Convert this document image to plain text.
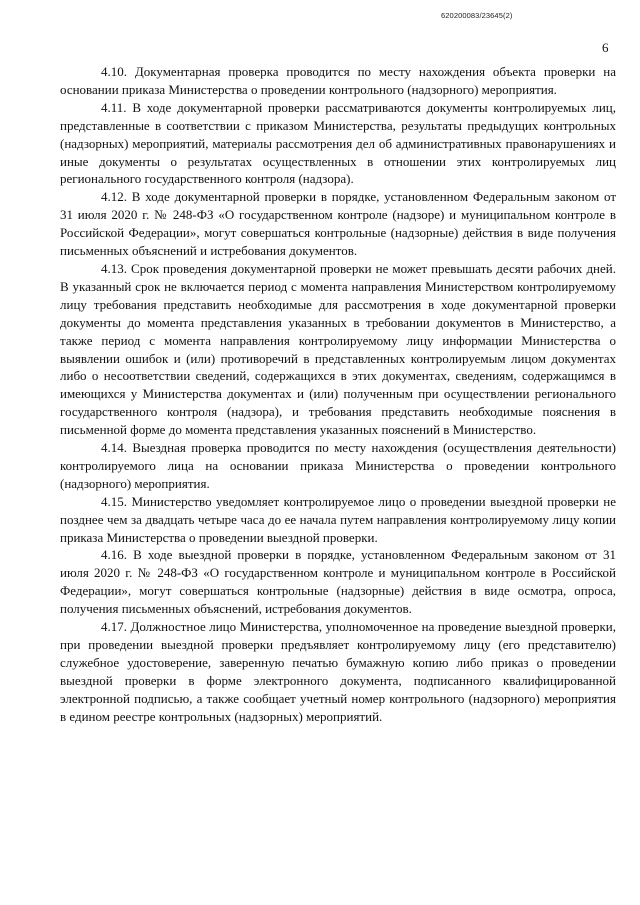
620200083/23645(2)
6

4.10. Документарная проверка проводится по месту нахождения объекта проверки на основании приказа Министерства о проведении контрольного (надзорного) мероприятия.

4.11. В ходе документарной проверки рассматриваются документы контролируемых лиц, представленные в соответствии с приказом Министерства, результаты предыдущих контрольных (надзорных) мероприятий, материалы рассмотрения дел об административных правонарушениях и иные документы о результатах осуществленных в отношении этих контролируемых лиц регионального государственного контроля (надзора).

4.12. В ходе документарной проверки в порядке, установленном Федеральным законом от 31 июля 2020 г. № 248-ФЗ «О государственном контроле (надзоре) и муниципальном контроле в Российской Федерации», могут совершаться контрольные (надзорные) действия в виде получения письменных объяснений и истребования документов.

4.13. Срок проведения документарной проверки не может превышать десяти рабочих дней. В указанный срок не включается период с момента направления Министерством контролируемому лицу требования представить необходимые для рассмотрения в ходе документарной проверки документы до момента представления указанных в требовании документов в Министерство, а также период с момента направления контролируемому лицу информации Министерства о выявлении ошибок и (или) противоречий в представленных контролируемым лицом документах либо о несоответствии сведений, содержащихся в этих документах, сведениям, содержащимся в имеющихся у Министерства документах и (или) полученным при осуществлении регионального государственного контроля (надзора), и требования представить необходимые пояснения в письменной форме до момента представления указанных пояснений в Министерство.

4.14. Выездная проверка проводится по месту нахождения (осуществления деятельности) контролируемого лица на основании приказа Министерства о проведении контрольного (надзорного) мероприятия.

4.15. Министерство уведомляет контролируемое лицо о проведении выездной проверки не позднее чем за двадцать четыре часа до ее начала путем направления контролируемому лицу копии приказа Министерства о проведении выездной проверки.

4.16. В ходе выездной проверки в порядке, установленном Федеральным законом от 31 июля 2020 г. № 248-ФЗ «О государственном контроле и муниципальном контроле в Российской Федерации», могут совершаться контрольные (надзорные) действия в виде осмотра, опроса, получения письменных объяснений, истребования документов.

4.17. Должностное лицо Министерства, уполномоченное на проведение выездной проверки, при проведении выездной проверки предъявляет контролируемому лицу (его представителю) служебное удостоверение, заверенную печатью бумажную копию либо приказ о проведении выездной проверки в форме электронного документа, подписанного квалифицированной электронной подписью, а также сообщает учетный номер контрольного (надзорного) мероприятия в едином реестре контрольных (надзорных) мероприятий.
